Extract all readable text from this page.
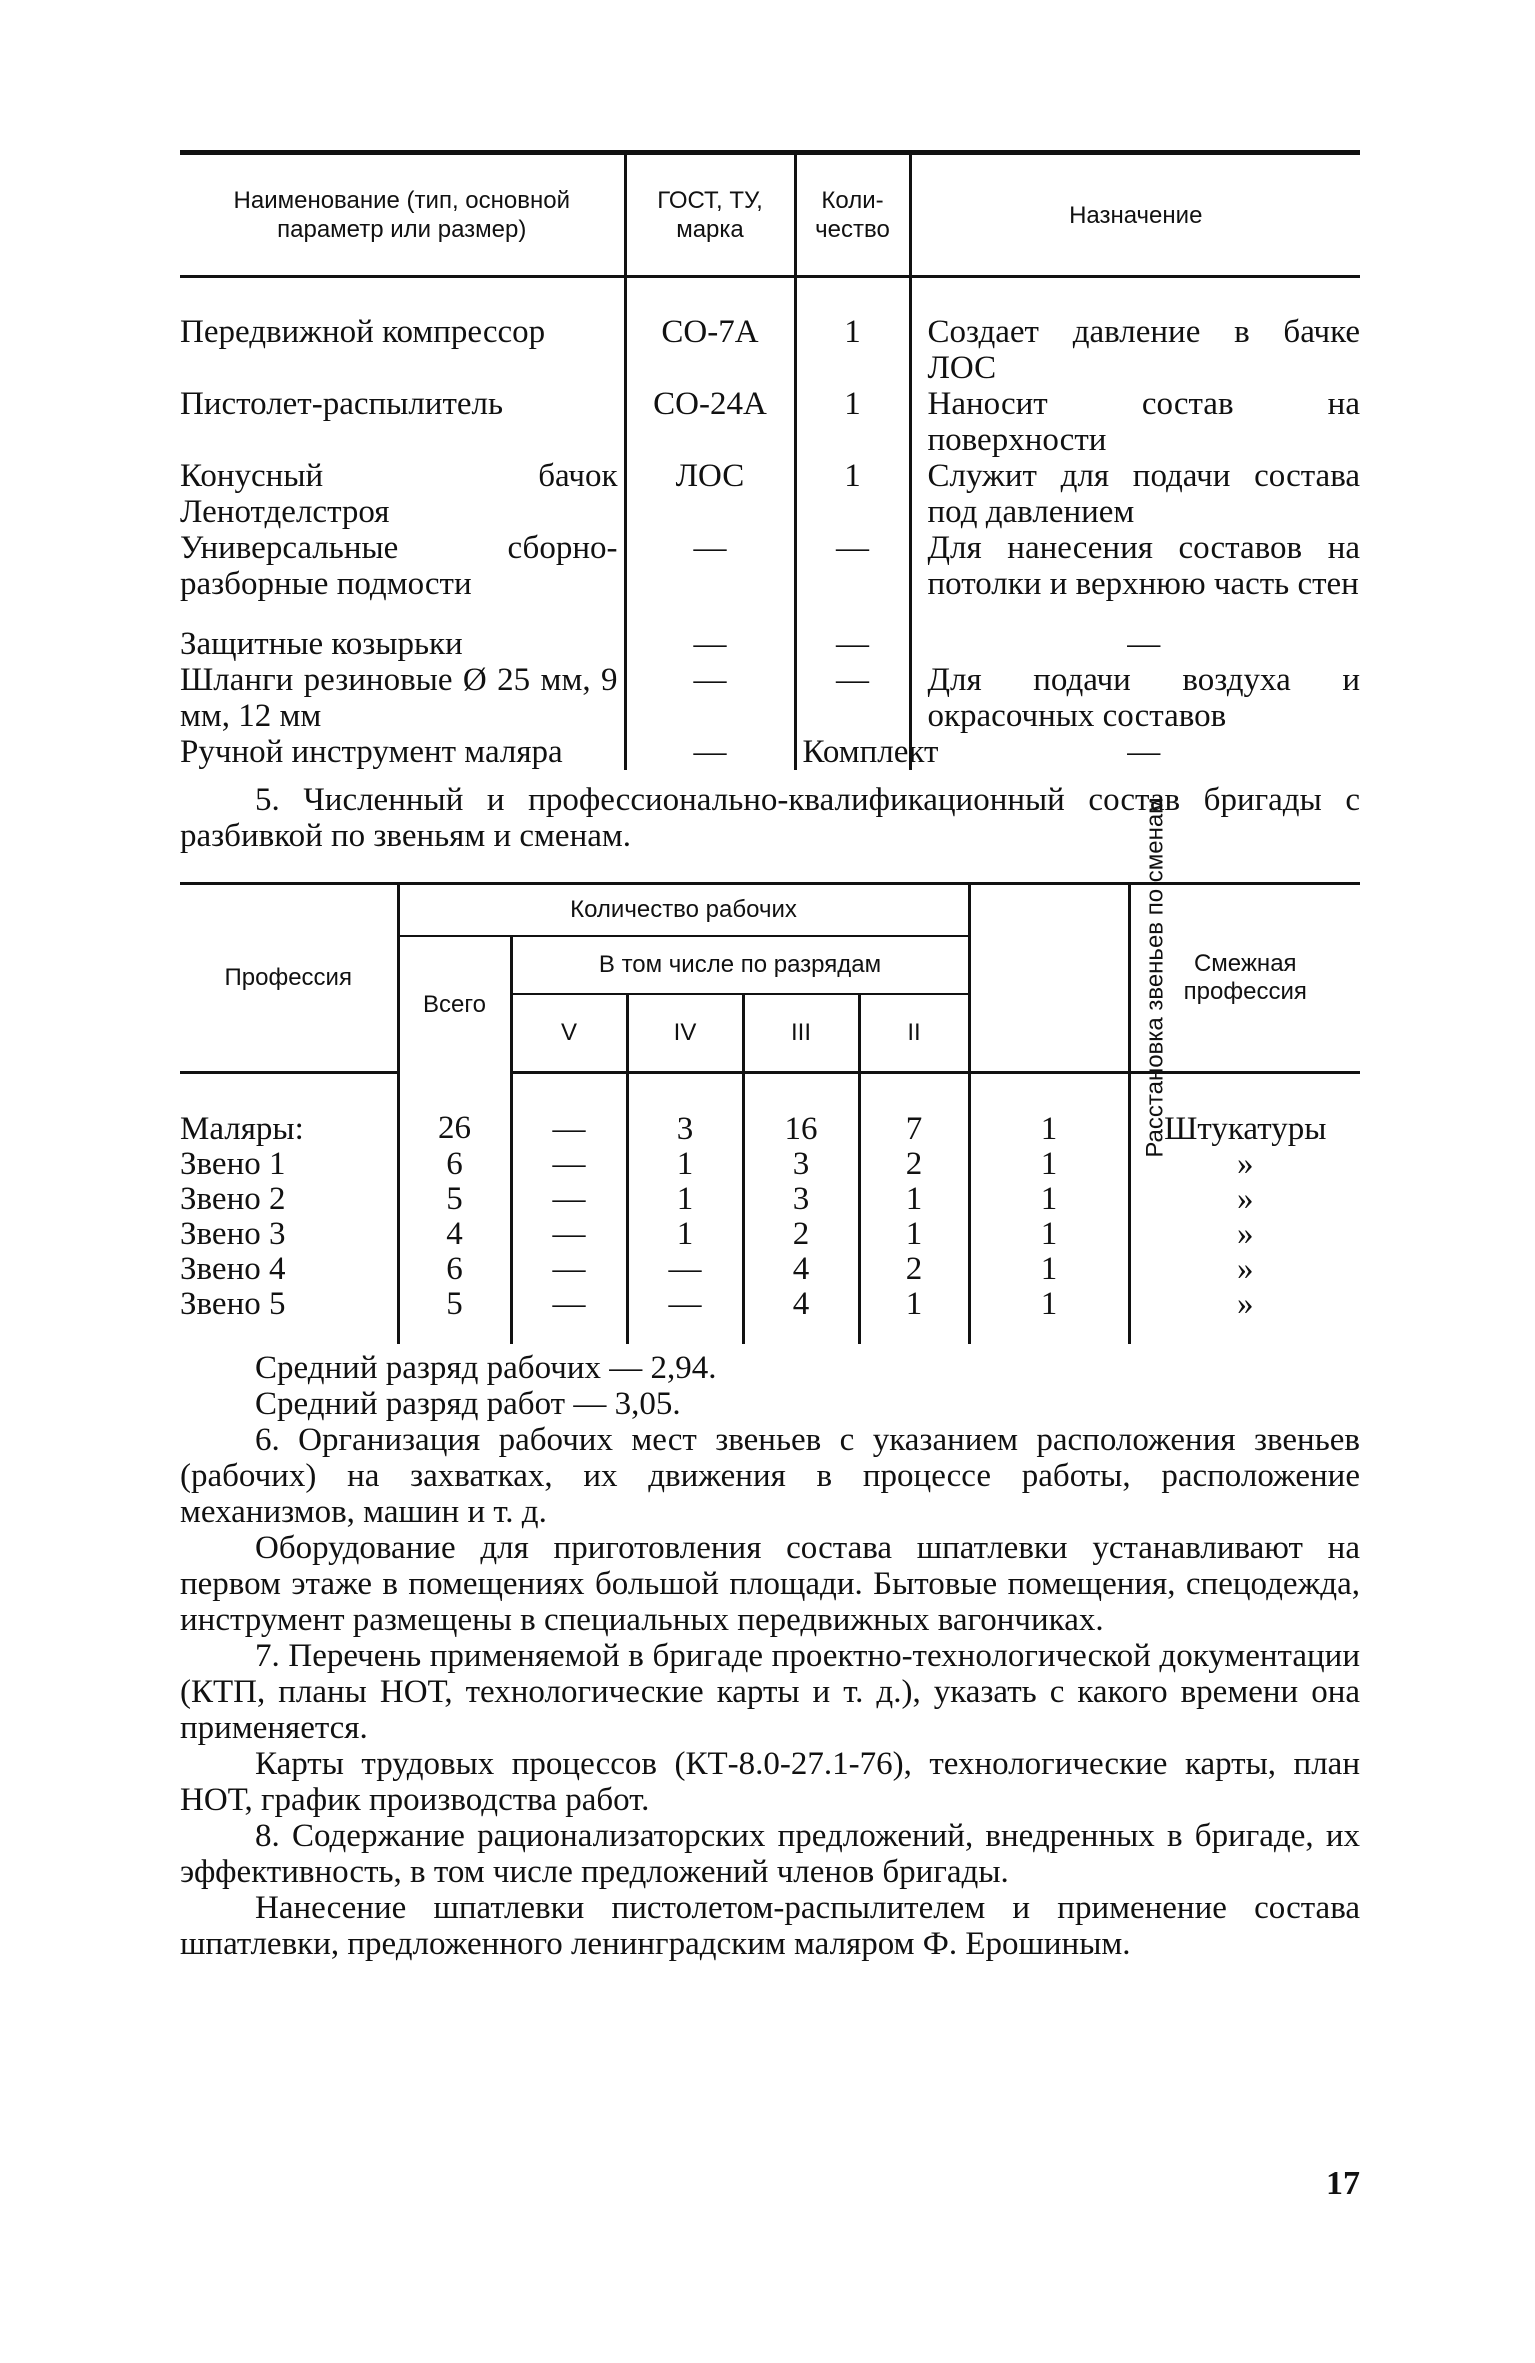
Наименование (тип, основной параметр или размер)	ГОСТ, ТУ, марка	Коли-чество	Назначение
Передвижной компрессор	СО-7А	1	Создает давление в бачке ЛОС
Пистолет-распылитель	СО-24А	1	Наносит состав на поверхности
Конусный бачок Ленотделстроя	ЛОС	1	Служит для подачи состава под давлением
Универсальные сборно-разборные подмости	—	—	Для нанесения составов на потолки и верхнюю часть стен
Защитные козырьки	—	—	—
Шланги резиновые Ø 25 мм, 9 мм, 12 мм	—	—	Для подачи воздуха и окрасочных составов
Ручной инструмент маляра	—	Комплект	—

5. Численный и профессионально-квалификационный состав бригады с разбивкой по звеньям и сменам.

Профессия	Количество рабочих					Расстановка звеньев по сменам	Смежная профессия
	Всего	В том числе по разрядам					
		V	IV	III	II		
Маляры:	26	—	3	16	7	1	Штукатуры
Звено 1	6	—	1	3	2	1	»
Звено 2	5	—	1	3	1	1	»
Звено 3	4	—	1	2	1	1	»
Звено 4	6	—	—	4	2	1	»
Звено 5	5	—	—	4	1	1	»

Средний разряд рабочих — 2,94.

Средний разряд работ — 3,05.

6. Организация рабочих мест звеньев с указанием расположения звеньев (рабочих) на захватках, их движения в процессе работы, расположение механизмов, машин и т. д.

Оборудование для приготовления состава шпатлевки устанавливают на первом этаже в помещениях большой площади. Бытовые помещения, спецодежда, инструмент размещены в специальных передвижных вагончиках.

7. Перечень применяемой в бригаде проектно-технологической документации (КТП, планы НОТ, технологические карты и т. д.), указать с какого времени она применяется.

Карты трудовых процессов (КТ-8.0-27.1-76), технологические карты, план НОТ, график производства работ.

8. Содержание рационализаторских предложений, внедренных в бригаде, их эффективность, в том числе предложений членов бригады.

Нанесение шпатлевки пистолетом-распылителем и применение состава шпатлевки, предложенного ленинградским маляром Ф. Ерошиным.

17
